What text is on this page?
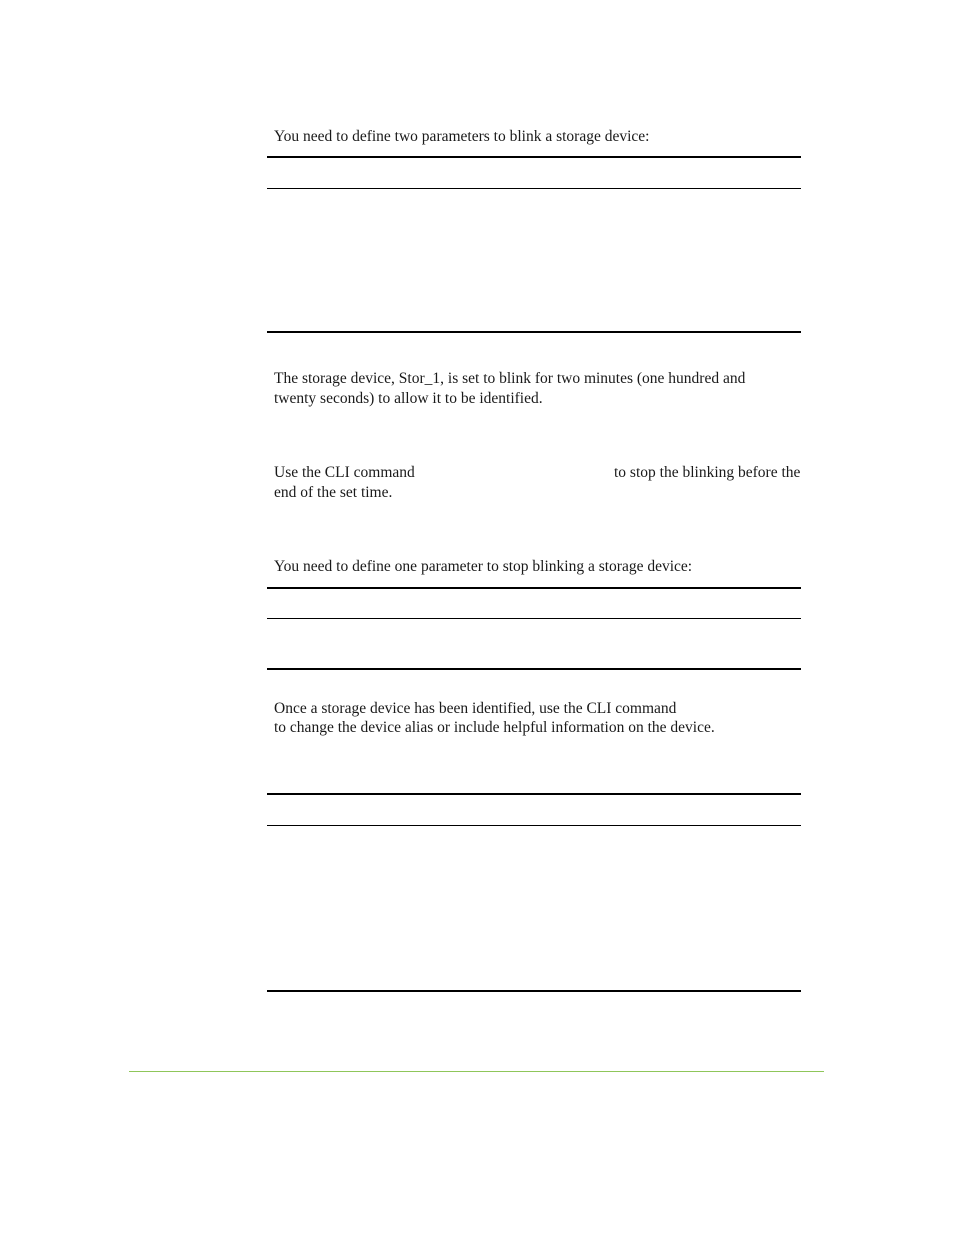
You need to define two parameters to blink a storage device:

The storage device, Stor_1, is set to blink for two minutes (one hundred and

twenty seconds) to allow it to be identified.

Use the CLI command	to stop the blinking before the

end of the set time.

You need to define one parameter to stop blinking a storage device:

Once a storage device has been identified, use the CLI command

to change the device alias or include helpful information on the device.
